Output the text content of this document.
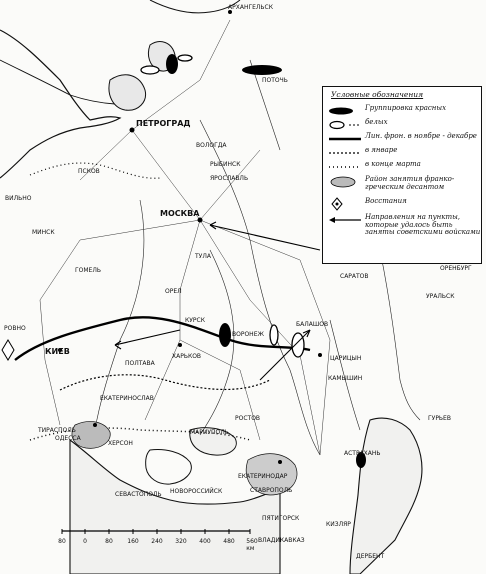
АРХАНГЕЛЬСК
ПЕТРОГРАД
ВОЛОГДА
МОСКВА
ЯРОСЛАВЛЬ
РЫБИНСК
ПСКОВ
ТУЛА
ОРЕЛ
КУРСК
ВОРОНЕЖ
САРАТОВ
ЦАРИЦЫН
КИЕВ
ПОЛТАВА
ХАРЬКОВ
ЕКАТЕРИНОСЛАВ
ОДЕССА
ХЕРСОН
СЕВАСТОПОЛЬ
РОСТОВ
ЕКАТЕРИНОДАР
ВЛАДИКАВКАЗ
АСТРАХАНЬ
ГОМЕЛЬ
МИНСК
ВИЛЬНО
РОВНО
ТИРАСПОЛЬ
НОВОРОССИЙСК
ПЯТИГОРСК
СТАВРОПОЛЬ
МАРИУПОЛЬ
БАЛАШОВ
ПОТОЧЬ
КАМЫШИН
УРАЛЬСК
ОРЕНБУРГ
ГУРЬЕВ
ДЕРБЕНТ
КИЗЛЯР
Условные обозначения
Группировка красных
белых
Лин. фрон. в ноябре - декабре
в январе
в конце марта
Район занятия франко-греческим десантом
Восстания
Направления на пункты, которые удалось быть заняты советскими войсками
80	0	80 160 240 320 400 480 560 км
